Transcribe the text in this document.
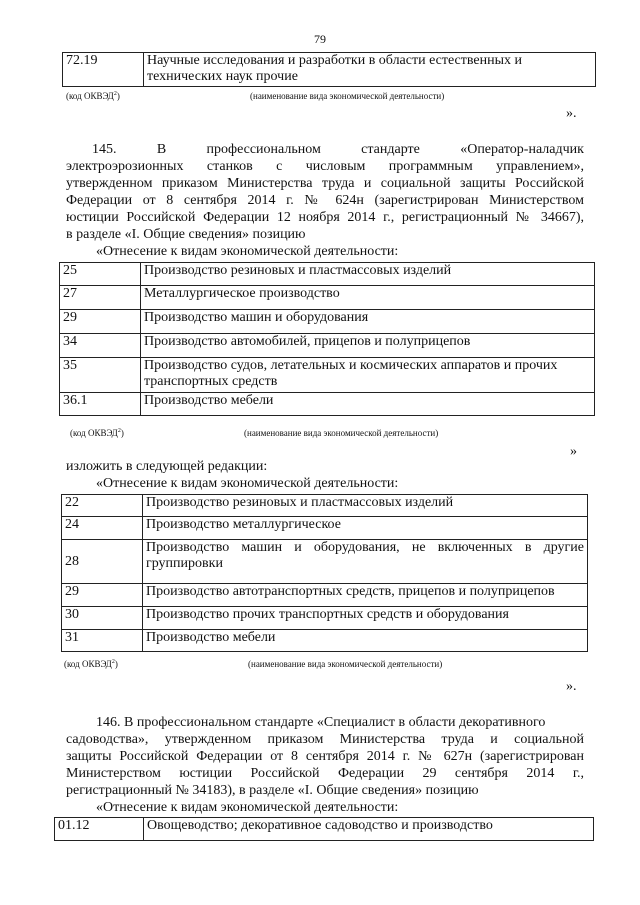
79
72.19	Научные исследования и разработки в области естественных и технических наук прочие
(код ОКВЭД$^2$)	(наименование вида экономической деятельности)
».
145.	В	профессиональном	стандарте	«Оператор-наладчик
электроэрозионных станков с числовым программным управлением»,
утвержденном приказом Министерства труда и социальной защиты Российской
Федерации от 8 сентября 2014 г. № 624н (зарегистрирован Министерством
юстиции Российской Федерации 12 ноября 2014 г., регистрационный № 34667),
в разделе «I. Общие сведения» позицию
«Отнесение к видам экономической деятельности:
25	Производство резиновых и пластмассовых изделий
27	Металлургическое производство
29	Производство машин и оборудования
34	Производство автомобилей, прицепов и полуприцепов
35	Производство судов, летательных и космических аппаратов и прочих транспортных средств
36.1	Производство мебели
(код ОКВЭД$^2$)	(наименование вида экономической деятельности)
»
изложить в следующей редакции:
«Отнесение к видам экономической деятельности:
22	Производство резиновых и пластмассовых изделий
24	Производство металлургическое
28	Производство машин и оборудования, не включенных в другие группировки
29	Производство автотранспортных средств, прицепов и полуприцепов
30	Производство прочих транспортных средств и оборудования
31	Производство мебели
(код ОКВЭД$^2$)	(наименование вида экономической деятельности)
».
146. В профессиональном стандарте «Специалист в области декоративного
садоводства», утвержденном приказом Министерства труда и социальной
защиты Российской Федерации от 8 сентября 2014 г. № 627н (зарегистрирован
Министерством юстиции Российской Федерации 29 сентября 2014 г.,
регистрационный № 34183), в разделе «I. Общие сведения» позицию
«Отнесение к видам экономической деятельности:
01.12	Овощеводство; декоративное садоводство и производство
